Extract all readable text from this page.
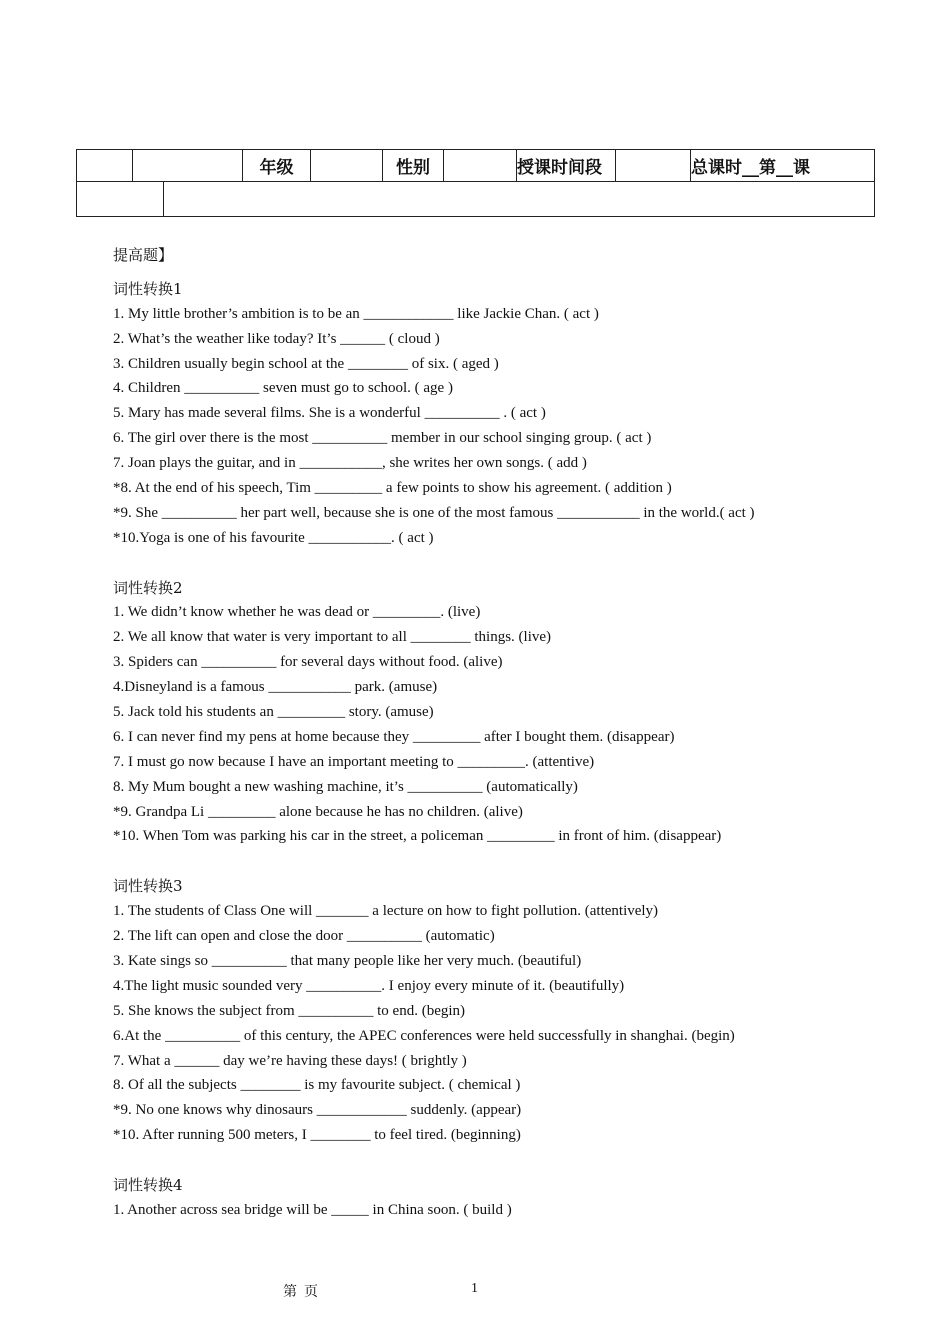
			年级		性别		授课时间段		总课时__第__课

提高题】
词性转换1
1. My little brother’s ambition is to be an ____________ like Jackie Chan. ( act )
2. What’s the weather like today? It’s ______ ( cloud )
3. Children usually begin school at the ________ of six. ( aged )
4. Children __________ seven must go to school. ( age )
5. Mary has made several films. She is a wonderful __________ . ( act )
6. The girl over there is the most __________ member in our school singing group. ( act )
7. Joan plays the guitar, and in ___________, she writes her own songs. ( add )
*8. At the end of his speech, Tim _________ a few points to show his agreement. ( addition )
*9. She __________ her part well, because she is one of the most famous ___________ in the world.( act )
*10.Yoga is one of his favourite ___________. ( act )
词性转换2
1. We didn’t know whether he was dead or _________. (live)
2. We all know that water is very important to all ________ things. (live)
3. Spiders can __________ for several days without food. (alive)
4.Disneyland is a famous ___________ park. (amuse)
5. Jack told his students an _________ story. (amuse)
6. I can never find my pens at home because they _________ after I bought them. (disappear)
7. I must go now because I have an important meeting to _________. (attentive)
8. My Mum bought a new washing machine, it’s __________ (automatically)
*9. Grandpa Li _________ alone because he has no children. (alive)
*10. When Tom was parking his car in the street, a policeman _________ in front of him. (disappear)
词性转换3
1. The students of Class One will _______ a lecture on how to fight pollution. (attentively)
2. The lift can open and close the door __________ (automatic)
3. Kate sings so __________ that many people like her very much. (beautiful)
4.The light music sounded very __________. I enjoy every minute of it. (beautifully)
5. She knows the subject from __________ to end. (begin)
6.At the __________ of this century, the APEC conferences were held successfully in shanghai. (begin)
7. What a ______ day we’re having these days! ( brightly )
8. Of all the subjects ________ is my favourite subject. ( chemical )
*9. No one knows why dinosaurs ____________ suddenly. (appear)
*10. After running 500 meters, I ________ to feel tired. (beginning)
词性转换4
1. Another across sea bridge will be _____ in China soon. ( build )
第  页	1
